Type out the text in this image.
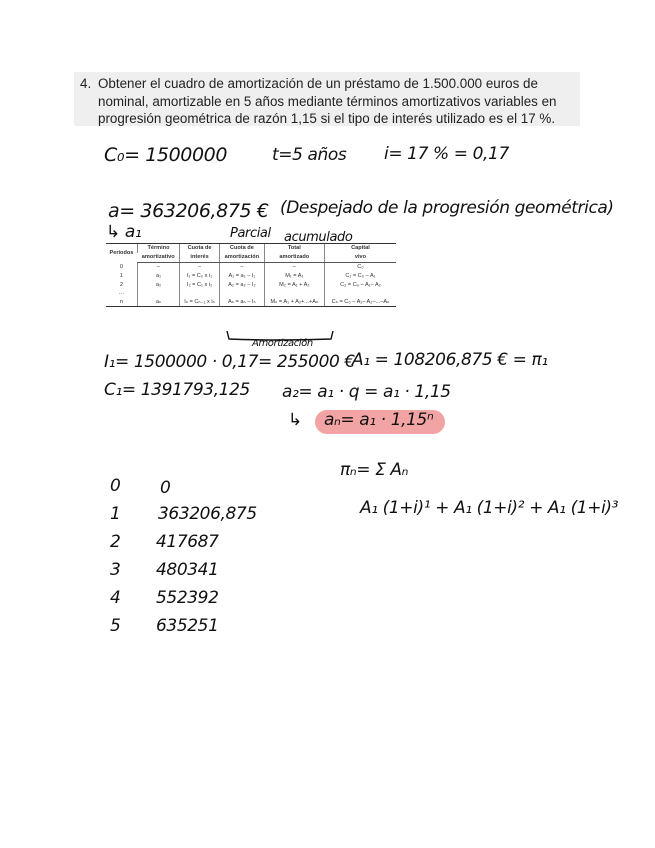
4. Obtener el cuadro de amortización de un préstamo de 1.500.000 euros de nominal, amortizable en 5 años mediante términos amortizativos variables en progresión geométrica de razón 1,15 si el tipo de interés utilizado es el 17 %.
C₀= 1500000	t=5 años i= 17 % = 0,17
a= 363206,875 € (Despejado de la progresión geométrica)
↳ a₁	Parcial acumulado
Periodos	Término	Cuota de	Cuota de	Total	Capital
	amortizativo	interés	amortización	amortizado	vivo
0	–	–	–	–	C₀
1	a₁	I₁ = C₀ x i₁	A₁ = a₁ – I₁	M₁ = A₁	C₁ = C₀ – A₁
2	a₂	I₂ = C₁ x i₂	A₂ = a₂ – I₂	M₂ = A₁ + A₂	C₂ = C₀ – A₁– A₂
…					
n	aₙ	Iₙ = Cₙ₋₁ x iₙ	Aₙ = aₙ – Iₙ	Mₙ = A₁ + A₂+...+Aₙ	Cₙ = C₀ – A₁– A₂–...–Aₙ
Amortización
I₁= 1500000 · 0,17= 255000 €
A₁ = 108206,875 € = π₁
C₁= 1391793,125 a₂= a₁ · q = a₁ · 1,15
↳ aₙ= a₁ · 1,15ⁿ
πₙ= Σ Aₙ
A₁ (1+i)¹ + A₁ (1+i)² + A₁ (1+i)³
0 0
1 363206,875
2 417687
3 480341
4 552392
5 635251
